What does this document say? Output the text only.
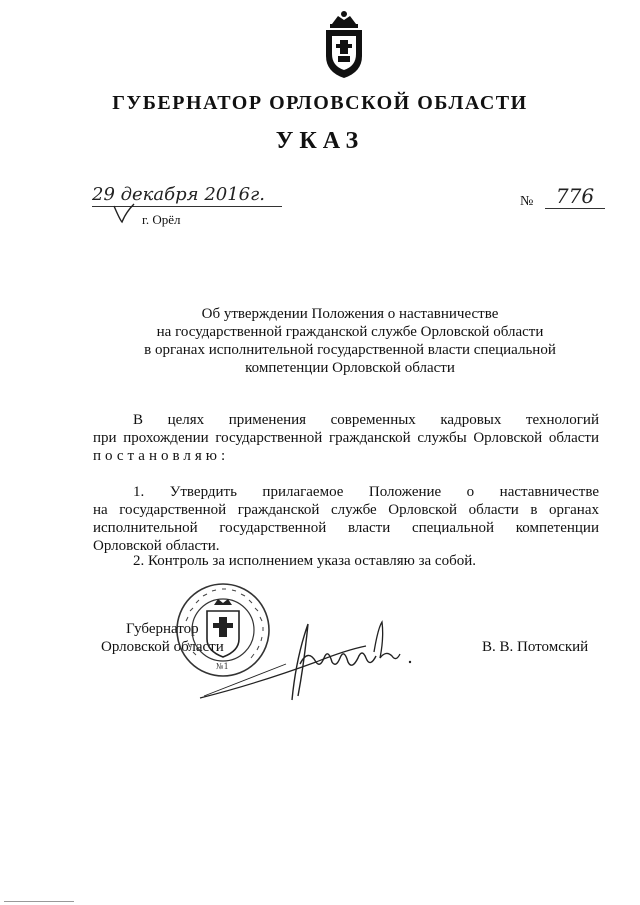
ГУБЕРНАТОР ОРЛОВСКОЙ ОБЛАСТИ
УКАЗ
29 декабря 2016г.
г. Орёл
№	776
Об утверждении Положения о наставничестве
на государственной гражданской службе Орловской области
в органах исполнительной государственной власти специальной
компетенции Орловской области
В целях применения современных кадровых технологий
при прохождении государственной гражданской службы Орловской области
постановляю:
1. Утвердить прилагаемое Положение о наставничестве
на государственной гражданской службе Орловской области в органах
исполнительной государственной власти специальной компетенции
Орловской области.
2. Контроль за исполнением указа оставляю за собой.
Губернатор
Орловской области	В. В. Потомский
№1
